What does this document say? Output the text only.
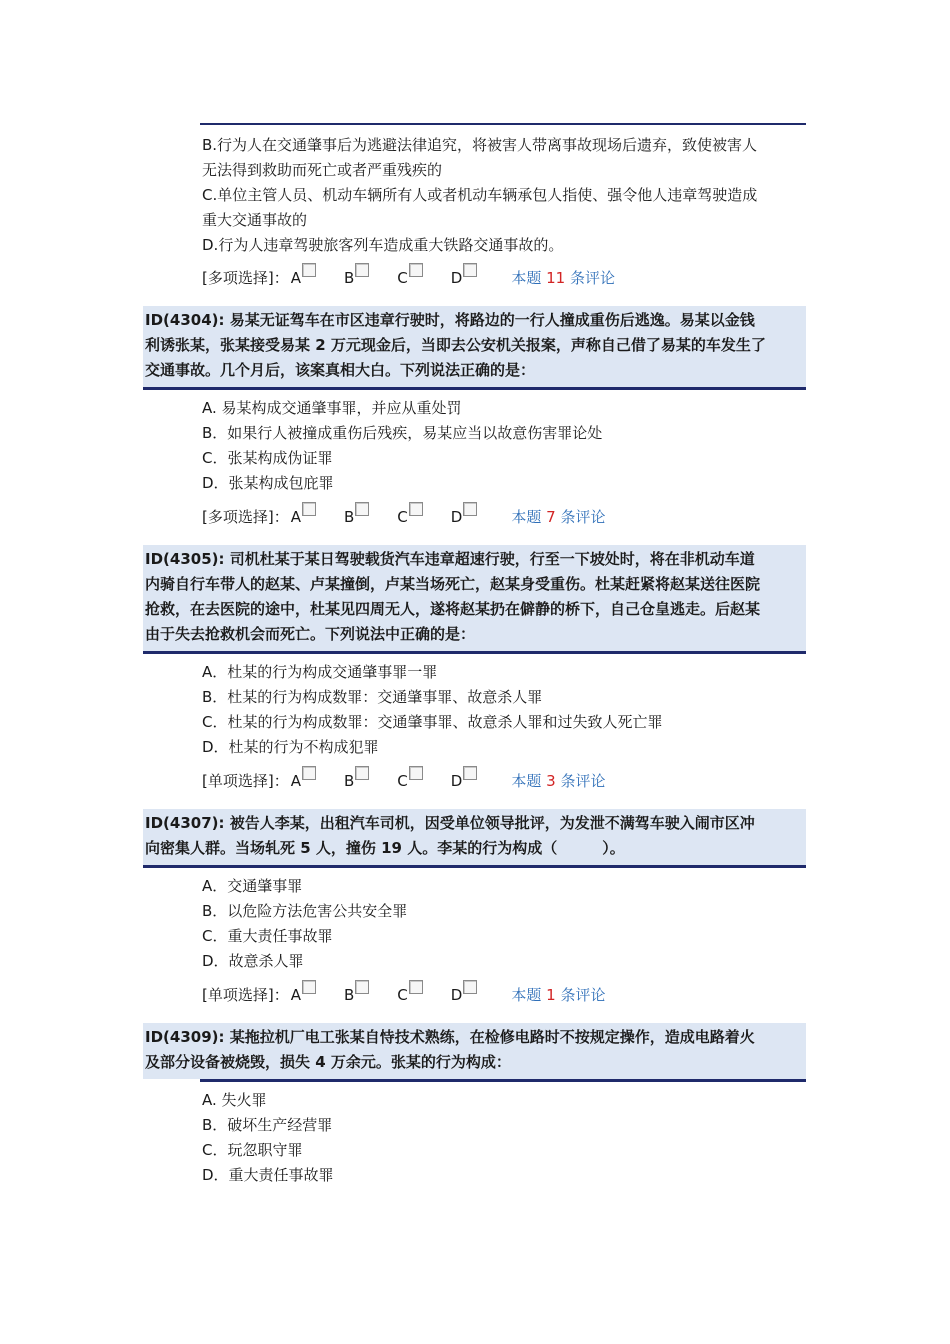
B.行为人在交通肇事后为逃避法律追究，将被害人带离事故现场后遗弃，致使被害人
无法得到救助而死亡或者严重残疾的
C.单位主管人员、机动车辆所有人或者机动车辆承包人指使、强令他人违章驾驶造成
重大交通事故的
D.行为人违章驾驶旅客列车造成重大铁路交通事故的。
[多项选择]： A	B	C	D	本题 11 条评论
ID(4304): 易某无证驾车在市区违章行驶时，将路边的一行人撞成重伤后逃逸。易某以金钱
利诱张某，张某接受易某 2 万元现金后，当即去公安机关报案，声称自己借了易某的车发生了
交通事故。几个月后，该案真相大白。下列说法正确的是：
A. 易某构成交通肇事罪，并应从重处罚
B．如果行人被撞成重伤后残疾，易某应当以故意伤害罪论处
C．张某构成伪证罪
D．张某构成包庇罪
[多项选择]： A	B	C	D	本题 7 条评论
ID(4305): 司机杜某于某日驾驶载货汽车违章超速行驶，行至一下坡处时，将在非机动车道
内骑自行车带人的赵某、卢某撞倒，卢某当场死亡，赵某身受重伤。杜某赶紧将赵某送往医院
抢救，在去医院的途中，杜某见四周无人，遂将赵某扔在僻静的桥下，自己仓皇逃走。后赵某
由于失去抢救机会而死亡。下列说法中正确的是：
A．杜某的行为构成交通肇事罪一罪
B．杜某的行为构成数罪：交通肇事罪、故意杀人罪
C．杜某的行为构成数罪：交通肇事罪、故意杀人罪和过失致人死亡罪
D．杜某的行为不构成犯罪
[单项选择]： A	B	C	D	本题 3 条评论
ID(4307): 被告人李某，出租汽车司机，因受单位领导批评，为发泄不满驾车驶入闹市区冲
向密集人群。当场轧死 5 人，撞伤 19 人。李某的行为构成（　　　）。
A．交通肇事罪
B．以危险方法危害公共安全罪
C．重大责任事故罪
D．故意杀人罪
[单项选择]： A	B	C	D	本题 1 条评论
ID(4309): 某拖拉机厂电工张某自恃技术熟练，在检修电路时不按规定操作，造成电路着火
及部分设备被烧毁，损失 4 万余元。张某的行为构成：
A. 失火罪
B．破坏生产经营罪
C．玩忽职守罪
D．重大责任事故罪
